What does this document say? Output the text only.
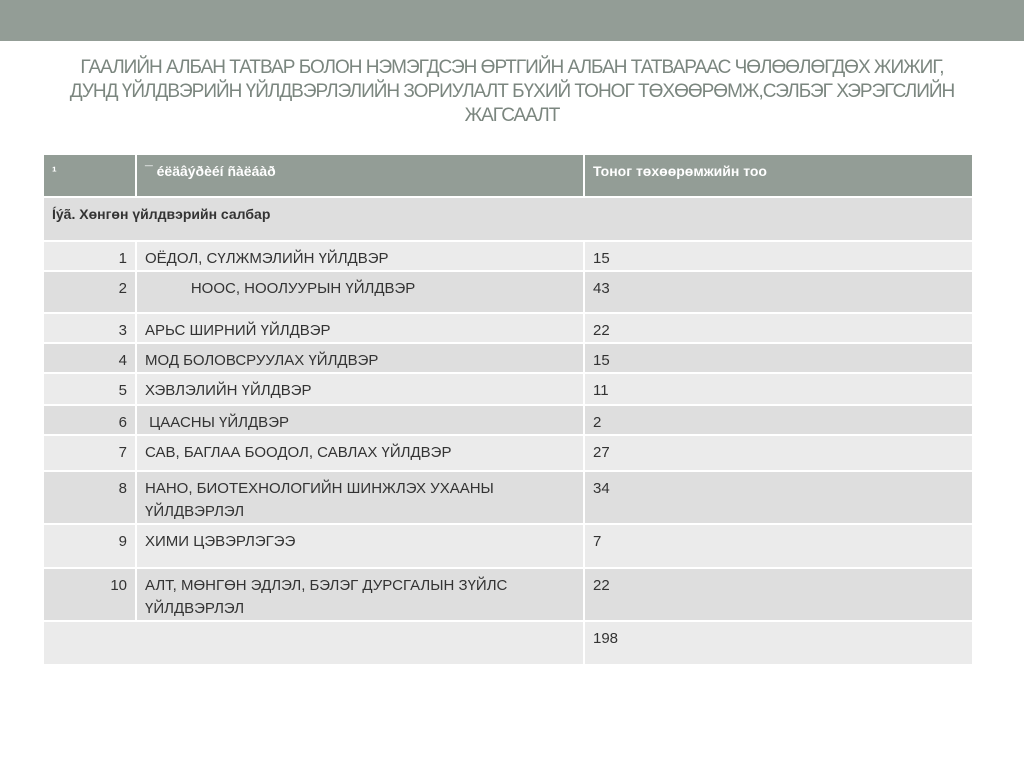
ГААЛИЙН АЛБАН ТАТВАР БОЛОН НЭМЭГДСЭН ӨРТГИЙН АЛБАН ТАТВАРААС ЧӨЛӨӨЛӨГДӨХ ЖИЖИГ,
ДУНД ҮЙЛДВЭРИЙН ҮЙЛДВЭРЛЭЛИЙН ЗОРИУЛАЛТ БҮХИЙ ТОНОГ ТӨХӨӨРӨМЖ,СЭЛБЭГ ХЭРЭГСЛИЙН
ЖАГСААЛТ
¹	¯ éëäâýðèéí ñàëáàð	Тоног төхөөрөмжийн тоо
Íýã. Хөнгөн үйлдвэрийн салбар		
1	ОЁДОЛ, СҮЛЖМЭЛИЙН ҮЙЛДВЭР	15
2	НООС, НООЛУУРЫН ҮЙЛДВЭР	43
3	АРЬС ШИРНИЙ ҮЙЛДВЭР	22
4	МОД БОЛОВСРУУЛАХ ҮЙЛДВЭР	15
5	ХЭВЛЭЛИЙН ҮЙЛДВЭР	11
6	ЦААСНЫ ҮЙЛДВЭР	2
7	САВ, БАГЛАА БООДОЛ, САВЛАХ ҮЙЛДВЭР	27
8	НАНО, БИОТЕХНОЛОГИЙН ШИНЖЛЭХ УХААНЫ ҮЙЛДВЭРЛЭЛ	34
9	ХИМИ ЦЭВЭРЛЭГЭЭ	7
10	АЛТ, МӨНГӨН ЭДЛЭЛ, БЭЛЭГ ДУРСГАЛЫН ЗҮЙЛС ҮЙЛДВЭРЛЭЛ	22
		198
